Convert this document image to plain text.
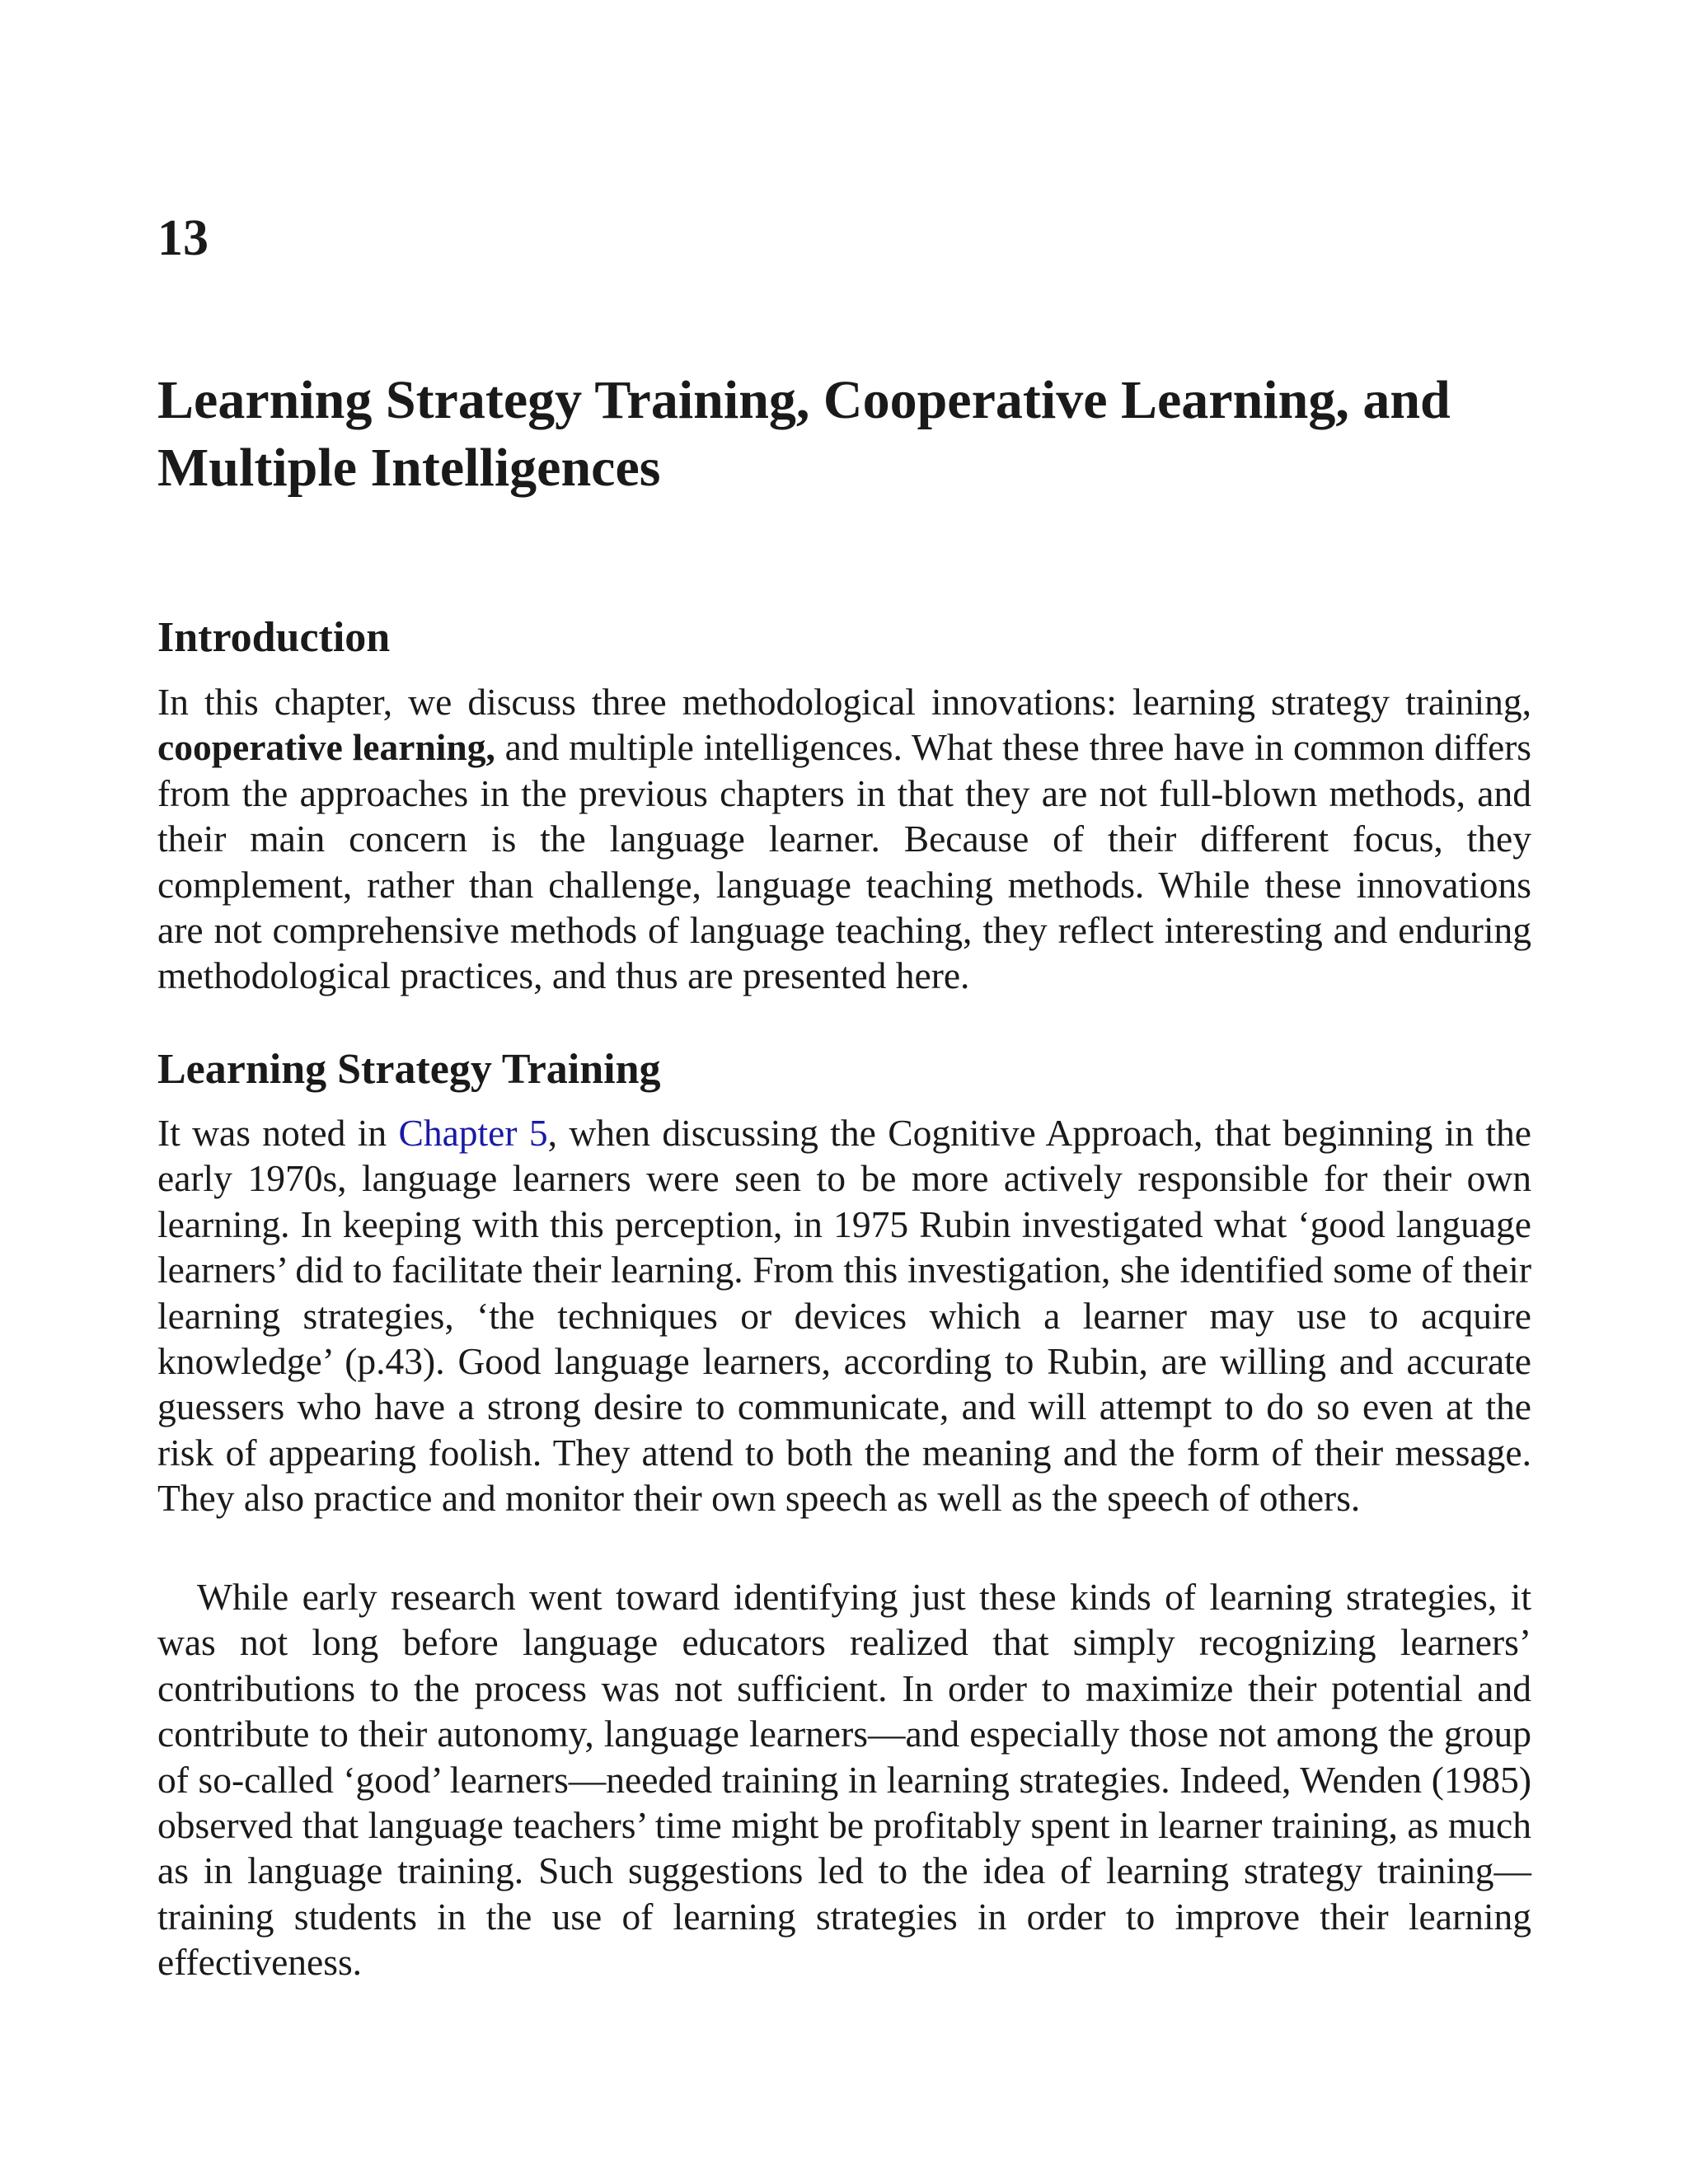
13
Learning Strategy Training, Cooperative Learning, and Multiple Intelligences
Introduction

In this chapter, we discuss three methodological innovations: learning strategy training, cooperative learning, and multiple intelligences. What these three have in common differs from the approaches in the previous chapters in that they are not full-blown methods, and their main concern is the language learner. Because of their different focus, they complement, rather than challenge, language teaching methods. While these innovations are not comprehensive methods of language teaching, they reflect interesting and enduring methodological practices, and thus are presented here.

Learning Strategy Training

It was noted in Chapter 5, when discussing the Cognitive Approach, that beginning in the early 1970s, language learners were seen to be more actively responsible for their own learning. In keeping with this perception, in 1975 Rubin investigated what ‘good language learners’ did to facilitate their learning. From this investigation, she identified some of their learning strategies, ‘the techniques or devices which a learner may use to acquire knowledge’ (p.43). Good language learners, according to Rubin, are willing and accurate guessers who have a strong desire to communicate, and will attempt to do so even at the risk of appearing foolish. They attend to both the meaning and the form of their message. They also practice and monitor their own speech as well as the speech of others.

While early research went toward identifying just these kinds of learning strategies, it was not long before language educators realized that simply recognizing learners’ contributions to the process was not sufficient. In order to maximize their potential and contribute to their autonomy, language learners—and especially those not among the group of so-called ‘good’ learners—needed training in learning strategies. Indeed, Wenden (1985) observed that language teachers’ time might be profitably spent in learner training, as much as in language training. Such suggestions led to the idea of learning strategy training—training students in the use of learning strategies in order to improve their learning effectiveness.
